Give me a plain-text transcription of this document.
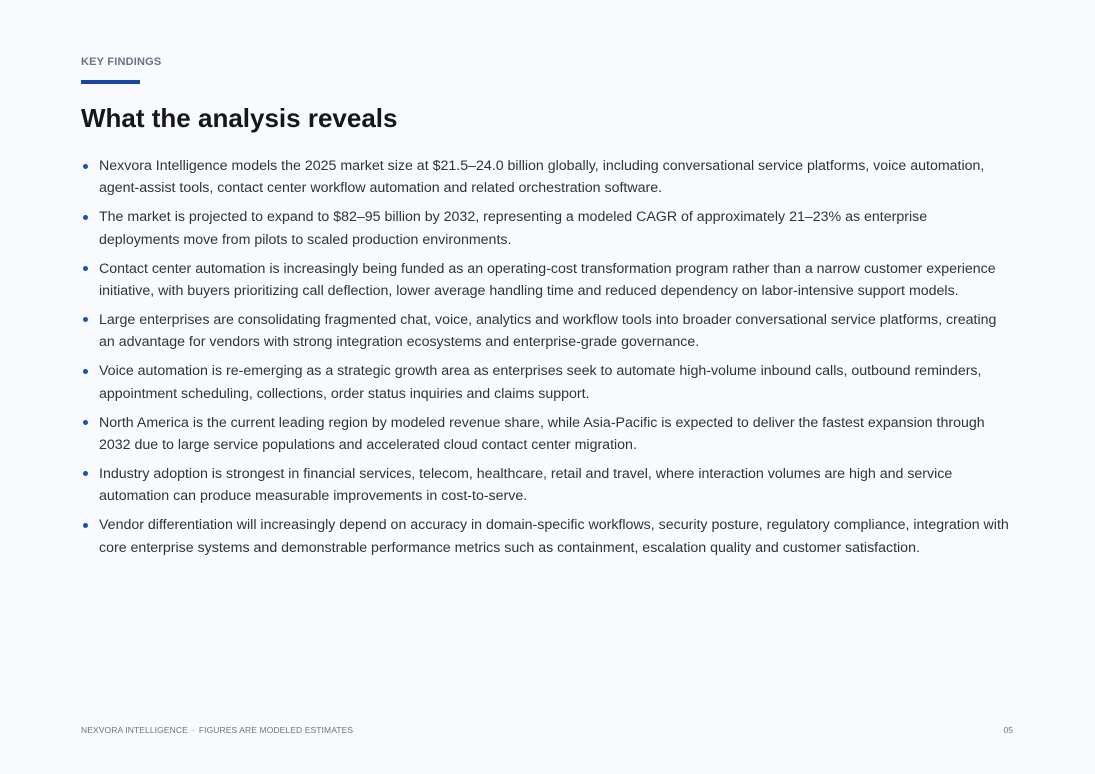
KEY FINDINGS
What the analysis reveals
Nexvora Intelligence models the 2025 market size at $21.5–24.0 billion globally, including conversational service platforms, voice automation, agent-assist tools, contact center workflow automation and related orchestration software.
The market is projected to expand to $82–95 billion by 2032, representing a modeled CAGR of approximately 21–23% as enterprise deployments move from pilots to scaled production environments.
Contact center automation is increasingly being funded as an operating-cost transformation program rather than a narrow customer experience initiative, with buyers prioritizing call deflection, lower average handling time and reduced dependency on labor-intensive support models.
Large enterprises are consolidating fragmented chat, voice, analytics and workflow tools into broader conversational service platforms, creating an advantage for vendors with strong integration ecosystems and enterprise-grade governance.
Voice automation is re-emerging as a strategic growth area as enterprises seek to automate high-volume inbound calls, outbound reminders, appointment scheduling, collections, order status inquiries and claims support.
North America is the current leading region by modeled revenue share, while Asia-Pacific is expected to deliver the fastest expansion through 2032 due to large service populations and accelerated cloud contact center migration.
Industry adoption is strongest in financial services, telecom, healthcare, retail and travel, where interaction volumes are high and service automation can produce measurable improvements in cost-to-serve.
Vendor differentiation will increasingly depend on accuracy in domain-specific workflows, security posture, regulatory compliance, integration with core enterprise systems and demonstrable performance metrics such as containment, escalation quality and customer satisfaction.
NEXVORA INTELLIGENCE · FIGURES ARE MODELED ESTIMATES	05
